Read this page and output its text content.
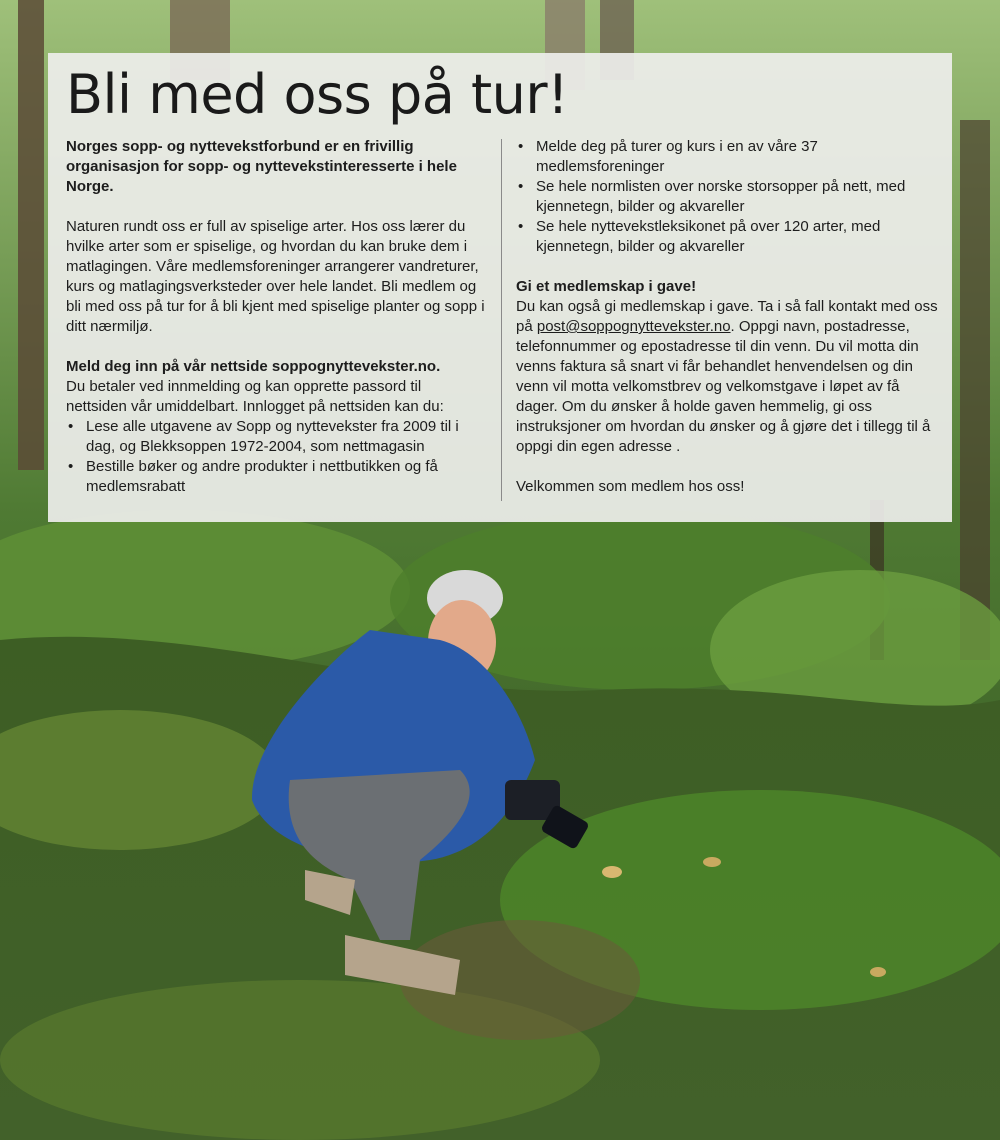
Bli med oss på tur!

Norges sopp- og nyttevekstforbund er en frivillig organisasjon for sopp- og nyttevekstinteresserte i hele Norge.

Naturen rundt oss er full av spiselige arter. Hos oss lærer du hvilke arter som er spiselige, og hvordan du kan bruke dem i matlagingen. Våre medlemsforeninger arrangerer vandreturer, kurs og matlagingsverksteder over hele landet. Bli medlem og bli med oss på tur for å bli kjent med spiselige planter og sopp i ditt nærmiljø.

Meld deg inn på vår nettside soppognyttevekster.no.

Du betaler ved innmelding og kan opprette passord til nettsiden vår umiddelbart. Innlogget på nettsiden kan du:

• Lese alle utgavene av Sopp og nyttevekster fra 2009 til i dag, og Blekksoppen 1972-2004, som nettmagasin
• Bestille bøker og andre produkter i nettbutikken og få medlemsrabatt
• Melde deg på turer og kurs i en av våre 37 medlemsforeninger
• Se hele normlisten over norske storsopper på nett, med kjennetegn, bilder og akvareller
• Se hele nyttevekstleksikonet på over 120 arter, med kjennetegn, bilder og akvareller

Gi et medlemskap i gave!

Du kan også gi medlemskap i gave. Ta i så fall kontakt med oss på post@soppognyttevekster.no. Oppgi navn, postadresse, telefonnummer og epostadresse til din venn. Du vil motta din venns faktura så snart vi får behandlet henvendelsen og din venn vil motta velkomstbrev og velkomstgave i løpet av få dager. Om du ønsker å holde gaven hemmelig, gi oss instruksjoner om hvordan du ønsker og å gjøre det i tillegg til å oppgi din egen adresse .

Velkommen som medlem hos oss!
